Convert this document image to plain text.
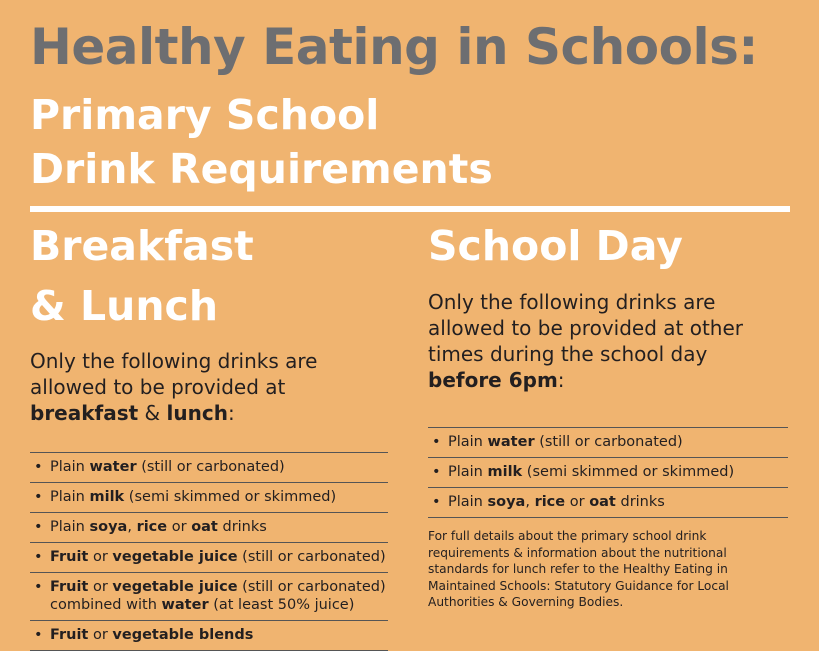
Healthy Eating in Schools:
Primary School
Drink Requirements
Breakfast
& Lunch

Only the following drinks are allowed to be provided at breakfast & lunch:

• Plain water (still or carbonated)
• Plain milk (semi skimmed or skimmed)
• Plain soya, rice or oat drinks
• Fruit or vegetable juice (still or carbonated)
• Fruit or vegetable juice (still or carbonated) combined with water (at least 50% juice)
• Fruit or vegetable blends
School Day

Only the following drinks are allowed to be provided at other times during the school day before 6pm:

• Plain water (still or carbonated)
• Plain milk (semi skimmed or skimmed)
• Plain soya, rice or oat drinks

For full details about the primary school drink requirements & information about the nutritional standards for lunch refer to the Healthy Eating in Maintained Schools: Statutory Guidance for Local Authorities & Governing Bodies.
